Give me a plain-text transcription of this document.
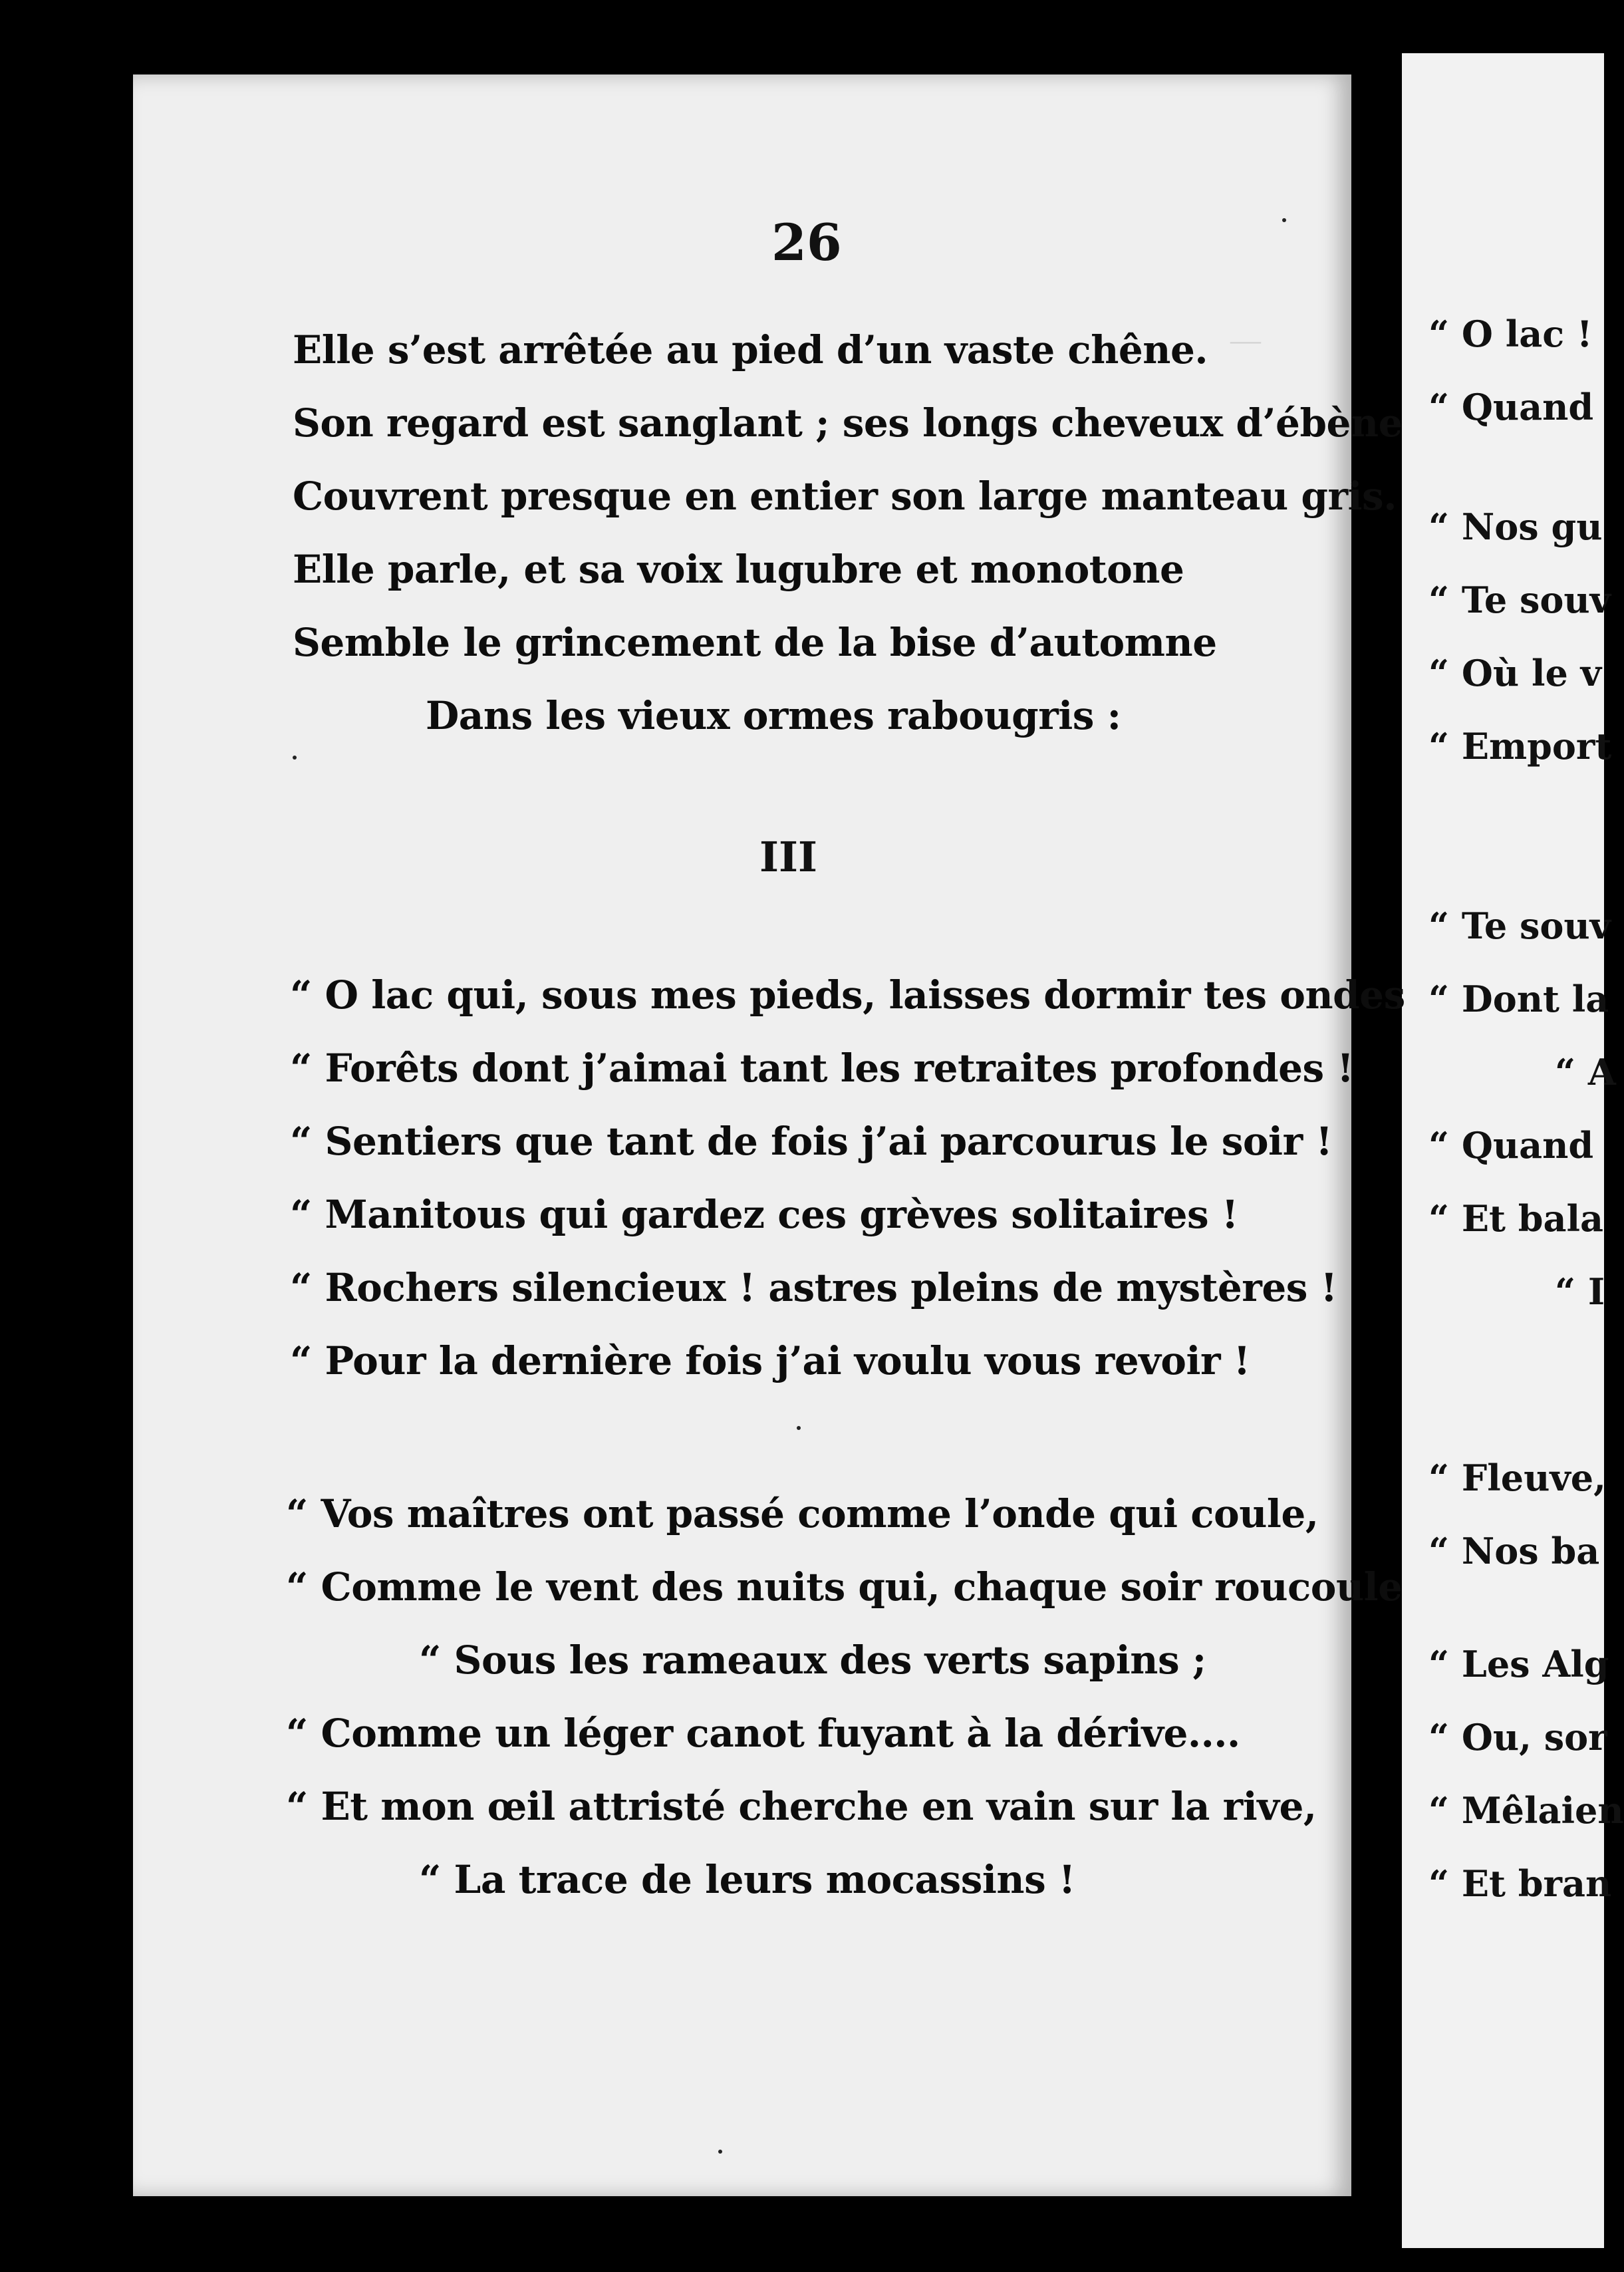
—	“ O lac !
“ Quand
“ Nos gu
“ Te souv
“ Où le v
“ Emport
“ Te souv
“ Dont la
“ A
“ Quand
“ Et bala
“ I
“ Fleuve,
“ Nos ba
“ Les Alg
“ Ou, sor
“ Mêlaien
“ Et bran
26
Elle s’est arrêtée au pied d’un vaste chêne.
Son regard est sanglant ; ses longs cheveux d’ébène
Couvrent presque en entier son large manteau gris.
Elle parle, et sa voix lugubre et monotone
Semble le grincement de la bise d’automne
Dans les vieux ormes rabougris :
III
“ O lac qui, sous mes pieds, laisses dormir tes ondes
“ Forêts dont j’aimai tant les retraites profondes !
“ Sentiers que tant de fois j’ai parcourus le soir !
“ Manitous qui gardez ces grèves solitaires !
“ Rochers silencieux ! astres pleins de mystères !
“ Pour la dernière fois j’ai voulu vous revoir !
“ Vos maîtres ont passé comme l’onde qui coule,
“ Comme le vent des nuits qui, chaque soir roucoule
“ Sous les rameaux des verts sapins ;
“ Comme un léger canot fuyant à la dérive....
“ Et mon œil attristé cherche en vain sur la rive,
“ La trace de leurs mocassins !
